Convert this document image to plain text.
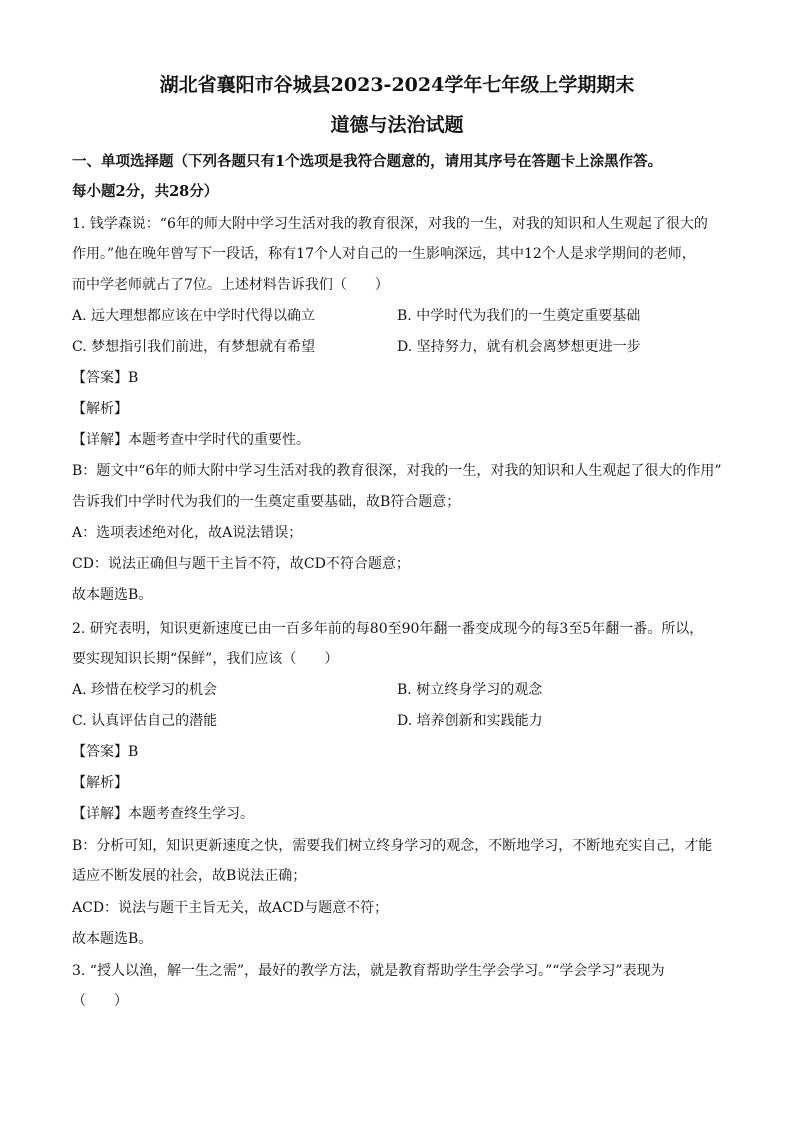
湖北省襄阳市谷城县2023-2024学年七年级上学期期末
道德与法治试题
一、单项选择题（下列各题只有1个选项是我符合题意的，请用其序号在答题卡上涂黑作答。
每小题2分，共28分）
1. 钱学森说：“6年的师大附中学习生活对我的教育很深，对我的一生，对我的知识和人生观起了很大的
作用。”他在晚年曾写下一段话，称有17个人对自己的一生影响深远，其中12个人是求学期间的老师，
而中学老师就占了7位。上述材料告诉我们（　　）
A. 远大理想都应该在中学时代得以确立	B. 中学时代为我们的一生奠定重要基础
C. 梦想指引我们前进，有梦想就有希望	D. 坚持努力，就有机会离梦想更进一步
【答案】B
【解析】
【详解】本题考查中学时代的重要性。
B：题文中“6年的师大附中学习生活对我的教育很深，对我的一生，对我的知识和人生观起了很大的作用”
告诉我们中学时代为我们的一生奠定重要基础，故B符合题意；
A：选项表述绝对化，故A说法错误；
CD：说法正确但与题干主旨不符，故CD不符合题意；
故本题选B。
2. 研究表明，知识更新速度已由一百多年前的每80至90年翻一番变成现今的每3至5年翻一番。所以，
要实现知识长期“保鲜”，我们应该（　　）
A. 珍惜在校学习的机会	B. 树立终身学习的观念
C. 认真评估自己的潜能	D. 培养创新和实践能力
【答案】B
【解析】
【详解】本题考查终生学习。
B：分析可知，知识更新速度之快，需要我们树立终身学习的观念，不断地学习，不断地充实自己，才能
适应不断发展的社会，故B说法正确；
ACD：说法与题干主旨无关，故ACD与题意不符；
故本题选B。
3. “授人以渔，解一生之需”，最好的教学方法，就是教育帮助学生学会学习。”“学会学习”表现为
（　　）
